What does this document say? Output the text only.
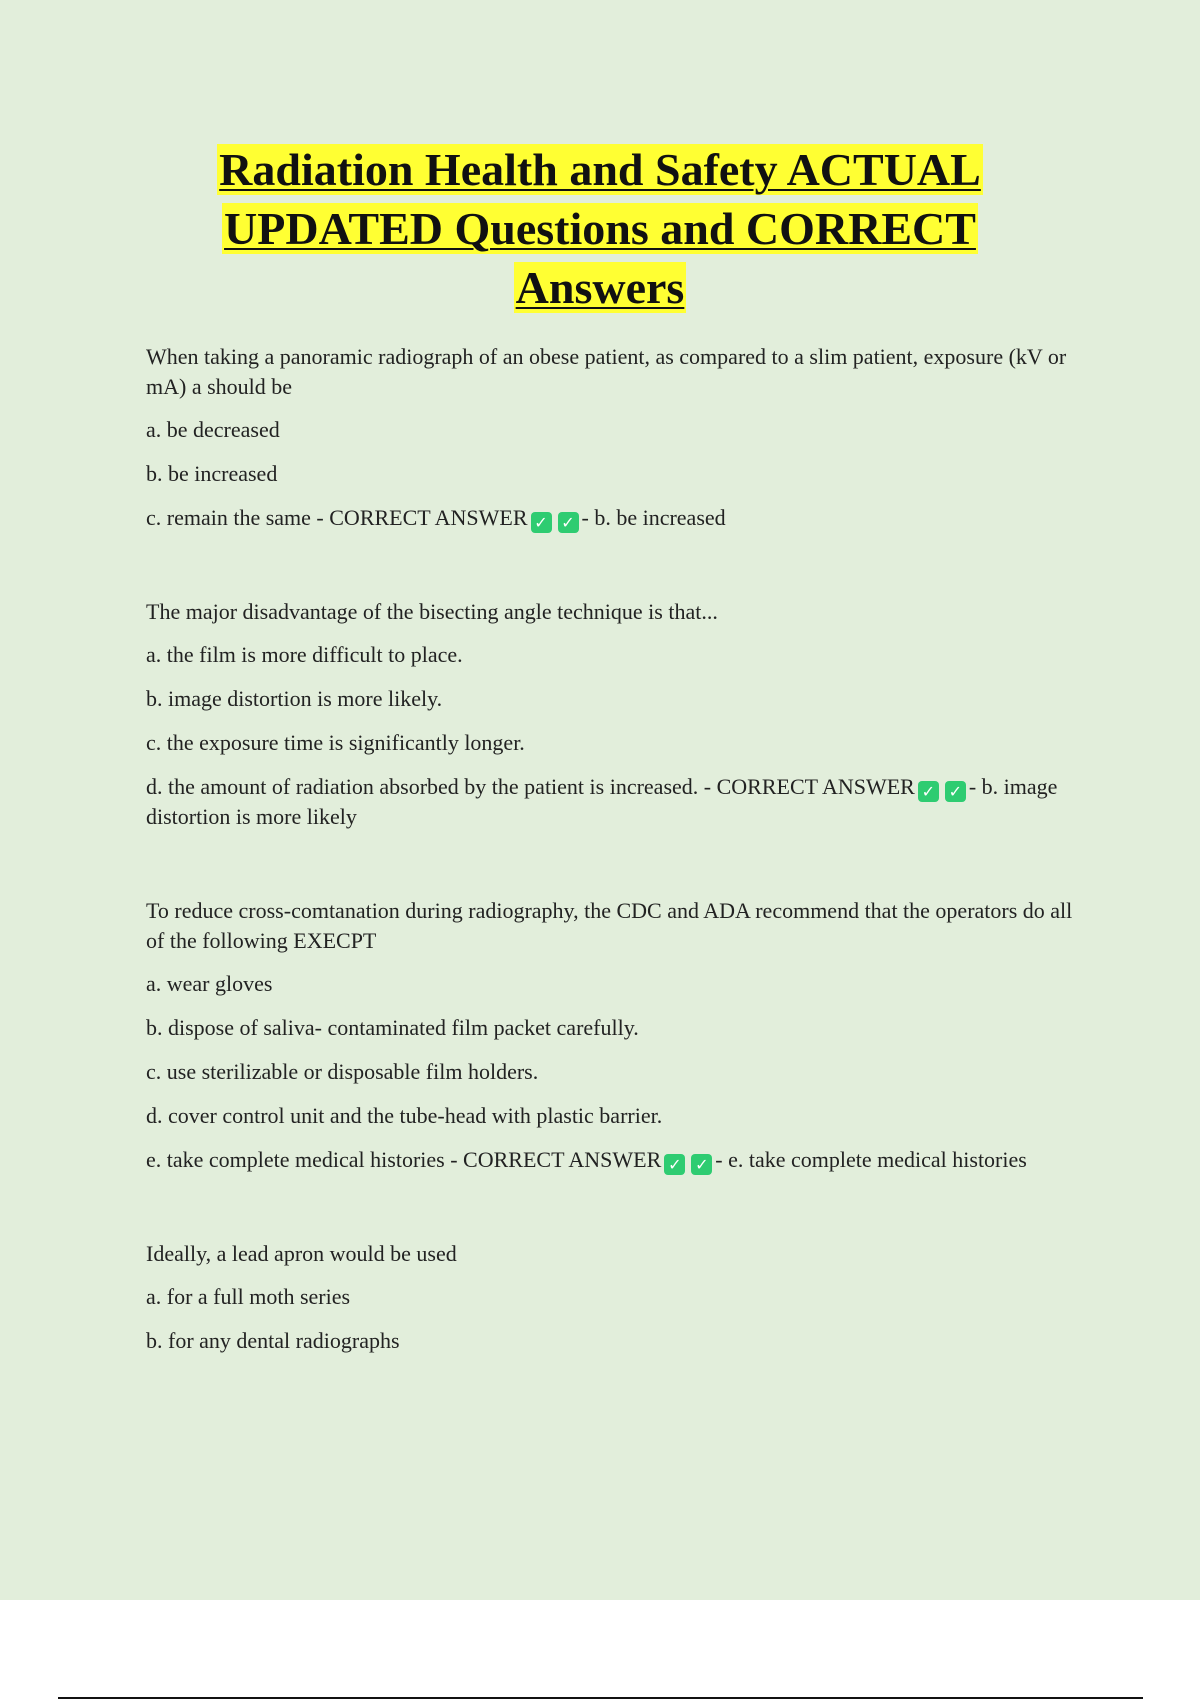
Radiation Health and Safety ACTUAL
UPDATED Questions and CORRECT
Answers

When taking a panoramic radiograph of an obese patient, as compared to a slim patient, exposure (kV or mA) a should be

a. be decreased

b. be increased

c. remain the same - CORRECT ANSWER ✓ ✓ - b. be increased

The major disadvantage of the bisecting angle technique is that...

a. the film is more difficult to place.

b. image distortion is more likely.

c. the exposure time is significantly longer.

d. the amount of radiation absorbed by the patient is increased. - CORRECT ANSWER ✓ ✓ - b. image distortion is more likely

To reduce cross-comtanation during radiography, the CDC and ADA recommend that the operators do all of the following EXECPT

a. wear gloves

b. dispose of saliva- contaminated film packet carefully.

c. use sterilizable or disposable film holders.

d. cover control unit and the tube-head with plastic barrier.

e. take complete medical histories - CORRECT ANSWER ✓ ✓ - e. take complete medical histories

Ideally, a lead apron would be used

a. for a full moth series

b. for any dental radiographs
